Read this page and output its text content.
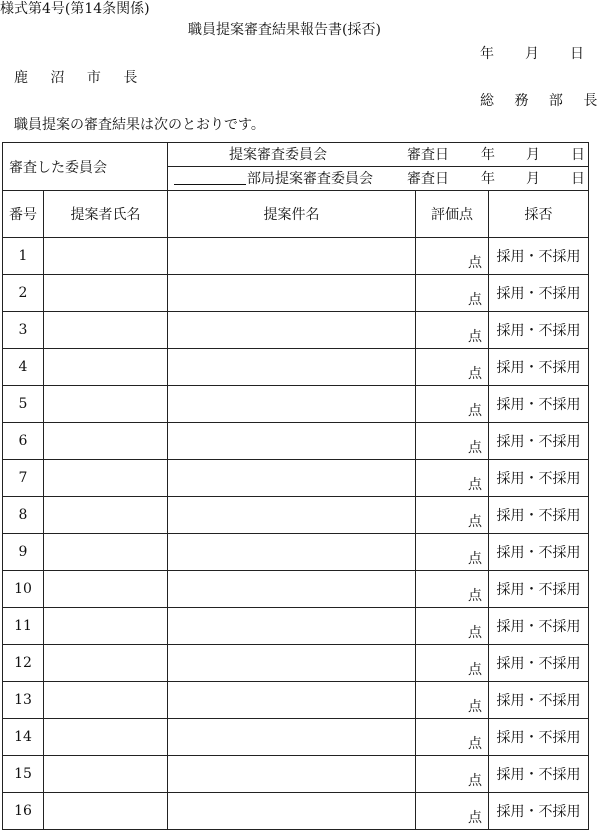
様式第4号(第14条関係)
職員提案審査結果報告書(採否)
年 月 日
鹿 沼 市 長
総 務 部 長
職員提案の審査結果は次のとおりです。
審査した委員会		提案審査委員会 審査日 年 月 日		

		部局提案審査委員会 審査日 年 月 日		

番号	提案者氏名	提案件名	評価点	採否
1			点	採用・不採用
2			点	採用・不採用
3			点	採用・不採用
4			点	採用・不採用
5			点	採用・不採用
6			点	採用・不採用
7			点	採用・不採用
8			点	採用・不採用
9			点	採用・不採用
10			点	採用・不採用
11			点	採用・不採用
12			点	採用・不採用
13			点	採用・不採用
14			点	採用・不採用
15			点	採用・不採用
16			点	採用・不採用
